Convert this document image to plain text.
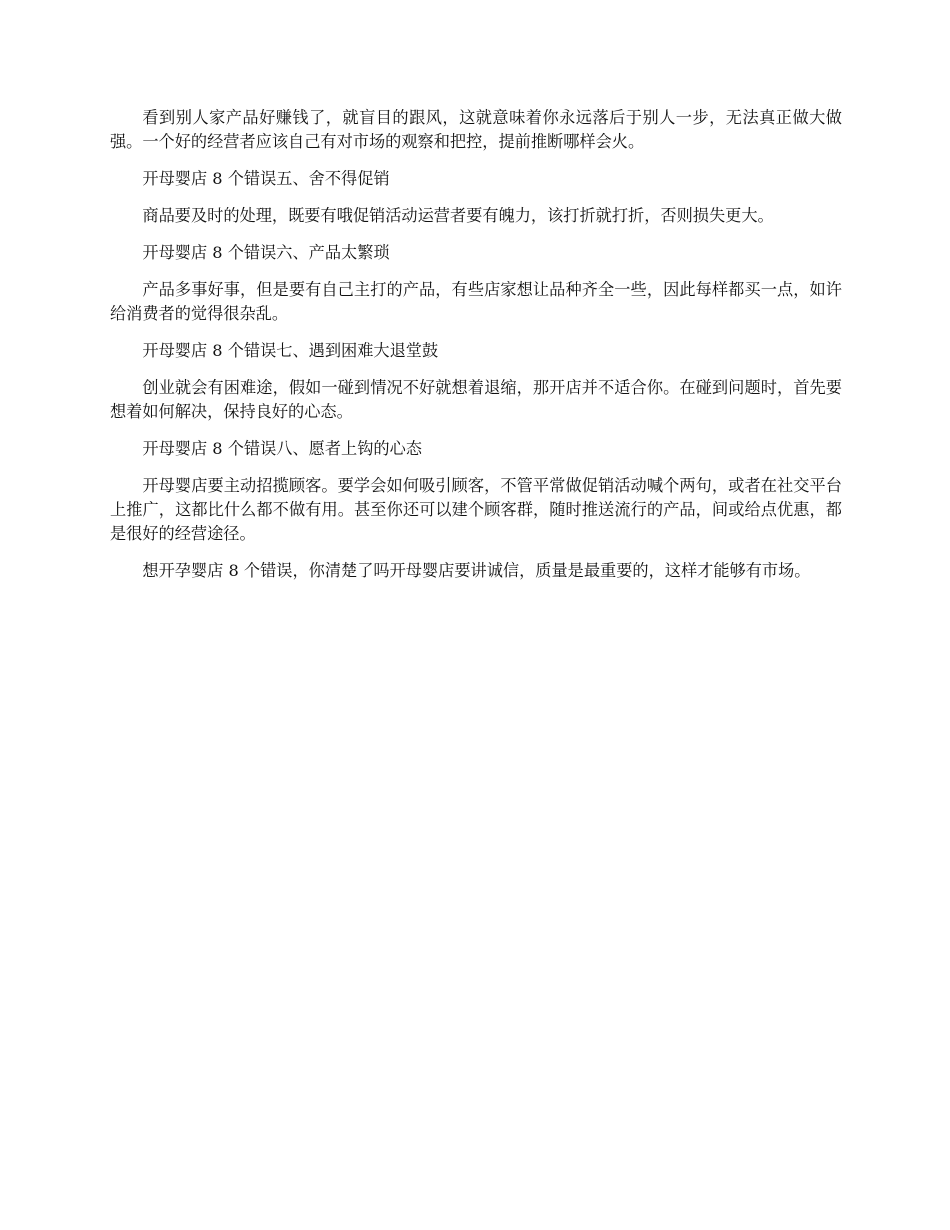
看到别人家产品好赚钱了，就盲目的跟风，这就意味着你永远落后于别人一步，无法真正做大做强。一个好的经营者应该自己有对市场的观察和把控，提前推断哪样会火。

开母婴店 8 个错误五、舍不得促销

商品要及时的处理，既要有哦促销活动运营者要有魄力，该打折就打折，否则损失更大。

开母婴店 8 个错误六、产品太繁琐

产品多事好事，但是要有自己主打的产品，有些店家想让品种齐全一些，因此每样都买一点，如许给消费者的觉得很杂乱。

开母婴店 8 个错误七、遇到困难大退堂鼓

创业就会有困难途，假如一碰到情况不好就想着退缩，那开店并不适合你。在碰到问题时，首先要想着如何解决，保持良好的心态。

开母婴店 8 个错误八、愿者上钩的心态

开母婴店要主动招揽顾客。要学会如何吸引顾客，不管平常做促销活动喊个两句，或者在社交平台上推广，这都比什么都不做有用。甚至你还可以建个顾客群，随时推送流行的产品，间或给点优惠，都是很好的经营途径。

想开孕婴店 8 个错误，你清楚了吗开母婴店要讲诚信，质量是最重要的，这样才能够有市场。
